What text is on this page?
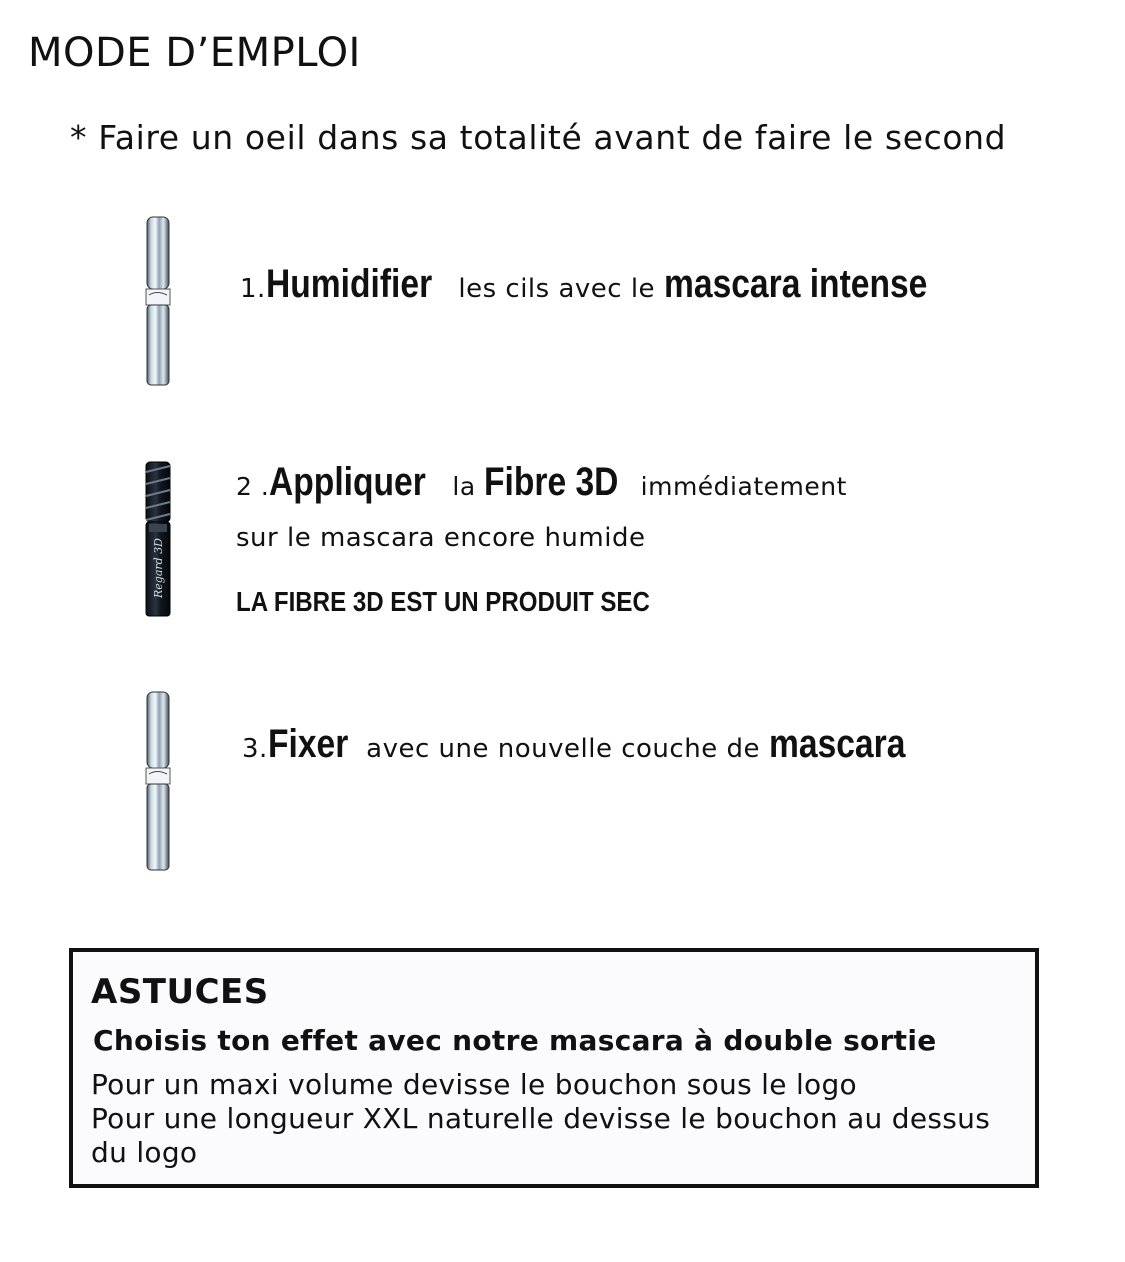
MODE D’EMPLOI
* Faire un oeil dans sa totalité avant de faire le second
1.Humidifier les cils avec le mascara intense
Regard 3D
2 .Appliquer la Fibre 3D immédiatement
sur le mascara encore humide
LA FIBRE 3D EST UN PRODUIT SEC
3.Fixer avec une nouvelle couche de mascara
ASTUCES
Choisis ton effet avec notre mascara à double sortie
Pour un maxi volume devisse le bouchon sous le logo
Pour une longueur XXL naturelle devisse le bouchon au dessus du logo
